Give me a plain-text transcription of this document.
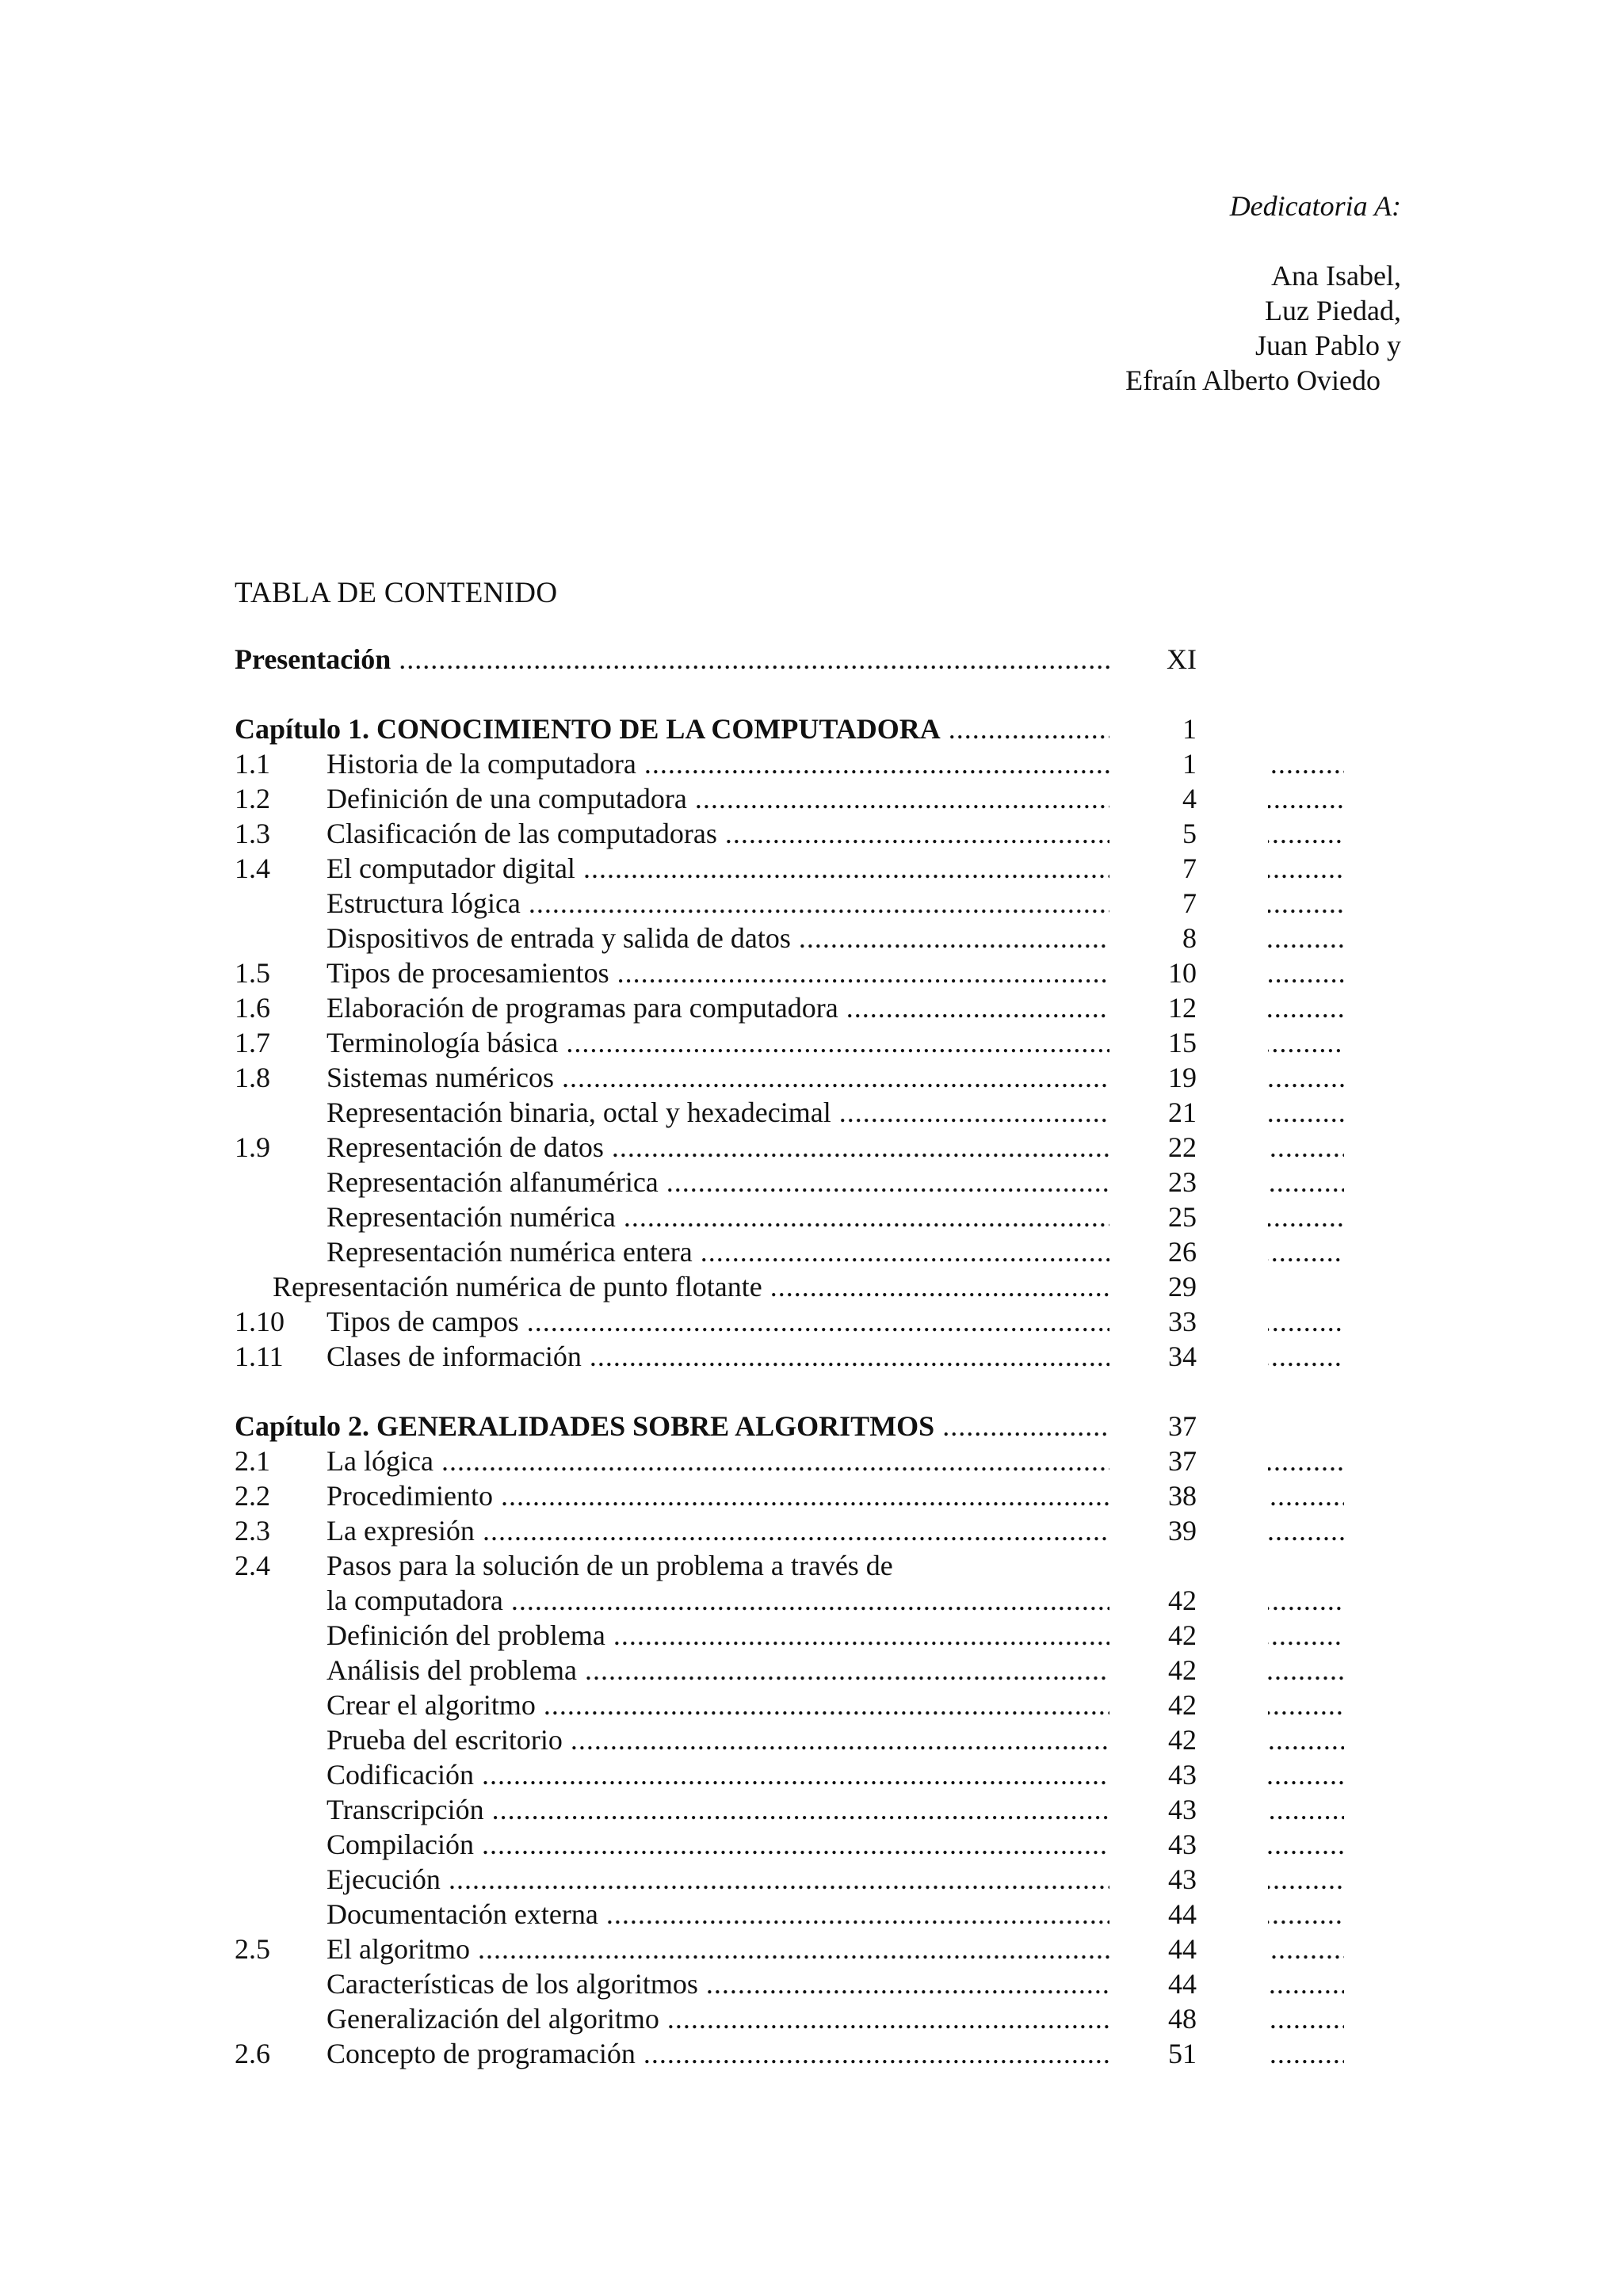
Dedicatoria A:
Ana Isabel,
Luz Piedad,
Juan Pablo y
Efraín Alberto Oviedo
TABLA DE CONTENIDO
Presentación .....	XI
Capítulo 1. CONOCIMIENTO DE LA COMPUTADORA .....	1
1.1 Historia de la computadora .....	1
1.2 Definición de una computadora .....	4
1.3 Clasificación de las computadoras .....	5
1.4 El computador digital .....	7
Estructura lógica .....	7
Dispositivos de entrada y salida de datos .....	8
1.5 Tipos de procesamientos .....	10
1.6 Elaboración de programas para computadora .....	12
1.7 Terminología básica .....	15
1.8 Sistemas numéricos .....	19
Representación binaria, octal y hexadecimal .....	21
1.9 Representación de datos .....	22
Representación alfanumérica .....	23
Representación numérica .....	25
Representación numérica entera .....	26
Representación numérica de punto flotante .....	29
1.10 Tipos de campos .....	33
1.11 Clases de información .....	34
Capítulo 2. GENERALIDADES SOBRE ALGORITMOS .....	37
2.1 La lógica .....	37
2.2 Procedimiento .....	38
2.3 La expresión .....	39
2.4 Pasos para la solución de un problema a través de
la computadora .....	42
Definición del problema .....	42
Análisis del problema .....	42
Crear el algoritmo .....	42
Prueba del escritorio .....	42
Codificación .....	43
Transcripción .....	43
Compilación .....	43
Ejecución .....	43
Documentación externa .....	44
2.5 El algoritmo .....	44
Características de los algoritmos .....	44
Generalización del algoritmo .....	48
2.6 Concepto de programación .....	51
